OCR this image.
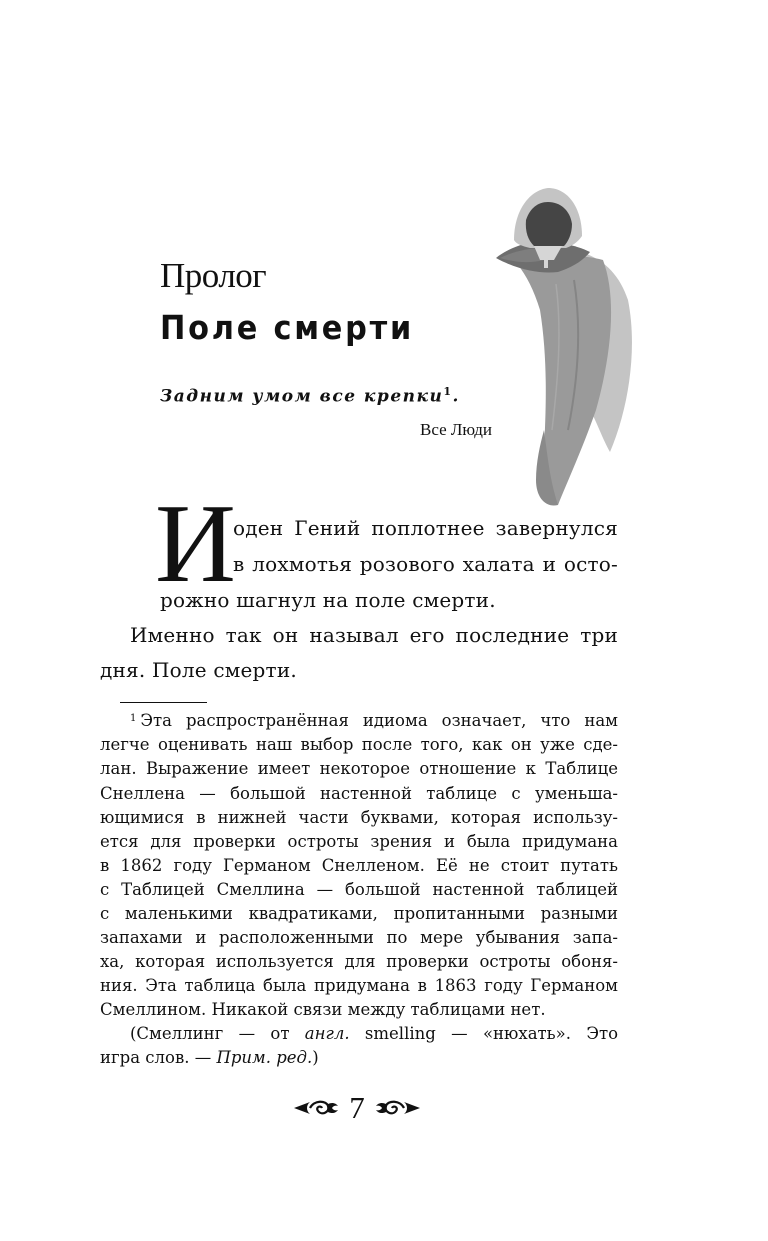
Пролог
Поле смерти
Задним умом все крепки$^1$.
Все Люди
И
оден Гений поплотнее завернулся
в лохмотья розового халата и осто-
рожно шагнул на поле смерти.
Именно так он называл его последние три
дня. Поле смерти.
$^1$ Эта распространённая идиома означает, что нам
легче оценивать наш выбор после того, как он уже сде-
лан. Выражение имеет некоторое отношение к Таблице
Снеллена — большой настенной таблице с уменьша-
ющимися в нижней части буквами, которая использу-
ется для проверки остроты зрения и была придумана
в 1862 году Германом Снелленом. Её не стоит путать
с Таблицей Смеллина — большой настенной таблицей
с маленькими квадратиками, пропитанными разными
запахами и расположенными по мере убывания запа-
ха, которая используется для проверки остроты обоня-
ния. Эта таблица была придумана в 1863 году Германом
Смеллином. Никакой связи между таблицами нет.
(Смеллинг — от англ. smelling — «нюхать». Это
игра слов. — Прим. ред.)
7
